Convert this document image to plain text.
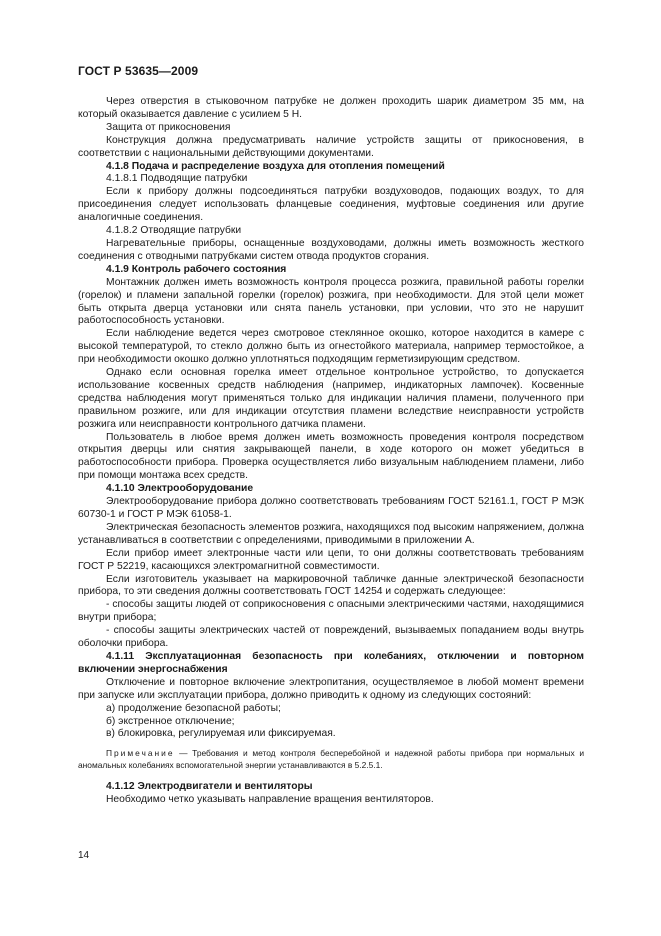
ГОСТ Р 53635—2009

Через отверстия в стыковочном патрубке не должен проходить шарик диаметром 35 мм, на который оказывается давление с усилием 5 Н.

Защита от прикосновения

Конструкция должна предусматривать наличие устройств защиты от прикосновения, в соответствии с национальными действующими документами.

4.1.8 Подача и распределение воздуха для отопления помещений

4.1.8.1 Подводящие патрубки

Если к прибору должны подсоединяться патрубки воздуховодов, подающих воздух, то для присоединения следует использовать фланцевые соединения, муфтовые соединения или другие аналогичные соединения.

4.1.8.2 Отводящие патрубки

Нагревательные приборы, оснащенные воздуховодами, должны иметь возможность жесткого соединения с отводными патрубками систем отвода продуктов сгорания.

4.1.9 Контроль рабочего состояния

Монтажник должен иметь возможность контроля процесса розжига, правильной работы горелки (горелок) и пламени запальной горелки (горелок) розжига, при необходимости. Для этой цели может быть открыта дверца установки или снята панель установки, при условии, что это не нарушит работоспособность установки.

Если наблюдение ведется через смотровое стеклянное окошко, которое находится в камере с высокой температурой, то стекло должно быть из огнестойкого материала, например термостойкое, а при необходимости окошко должно уплотняться подходящим герметизирующим средством.

Однако если основная горелка имеет отдельное контрольное устройство, то допускается использование косвенных средств наблюдения (например, индикаторных лампочек). Косвенные средства наблюдения могут применяться только для индикации наличия пламени, полученного при правильном розжиге, или для индикации отсутствия пламени вследствие неисправности устройств розжига или неисправности контрольного датчика пламени.

Пользователь в любое время должен иметь возможность проведения контроля посредством открытия дверцы или снятия закрывающей панели, в ходе которого он может убедиться в работоспособности прибора. Проверка осуществляется либо визуальным наблюдением пламени, либо при помощи монтажа всех средств.

4.1.10 Электрооборудование

Электрооборудование прибора должно соответствовать требованиям ГОСТ 52161.1, ГОСТ Р МЭК 60730-1 и ГОСТ Р МЭК 61058-1.

Электрическая безопасность элементов розжига, находящихся под высоким напряжением, должна устанавливаться в соответствии с определениями, приводимыми в приложении А.

Если прибор имеет электронные части или цепи, то они должны соответствовать требованиям ГОСТ Р 52219, касающихся электромагнитной совместимости.

Если изготовитель указывает на маркировочной табличке данные электрической безопасности прибора, то эти сведения должны соответствовать ГОСТ 14254 и содержать следующее:

- способы защиты людей от соприкосновения с опасными электрическими частями, находящимися внутри прибора;

- способы защиты электрических частей от повреждений, вызываемых попаданием воды внутрь оболочки прибора.

4.1.11 Эксплуатационная безопасность при колебаниях, отключении и повторном включении энергоснабжения

Отключение и повторное включение электропитания, осуществляемое в любой момент времени при запуске или эксплуатации прибора, должно приводить к одному из следующих состояний:

а) продолжение безопасной работы;

б) экстренное отключение;

в) блокировка, регулируемая или фиксируемая.

Примечание — Требования и метод контроля бесперебойной и надежной работы прибора при нормальных и аномальных колебаниях вспомогательной энергии устанавливаются в 5.2.5.1.

4.1.12 Электродвигатели и вентиляторы

Необходимо четко указывать направление вращения вентиляторов.

14
